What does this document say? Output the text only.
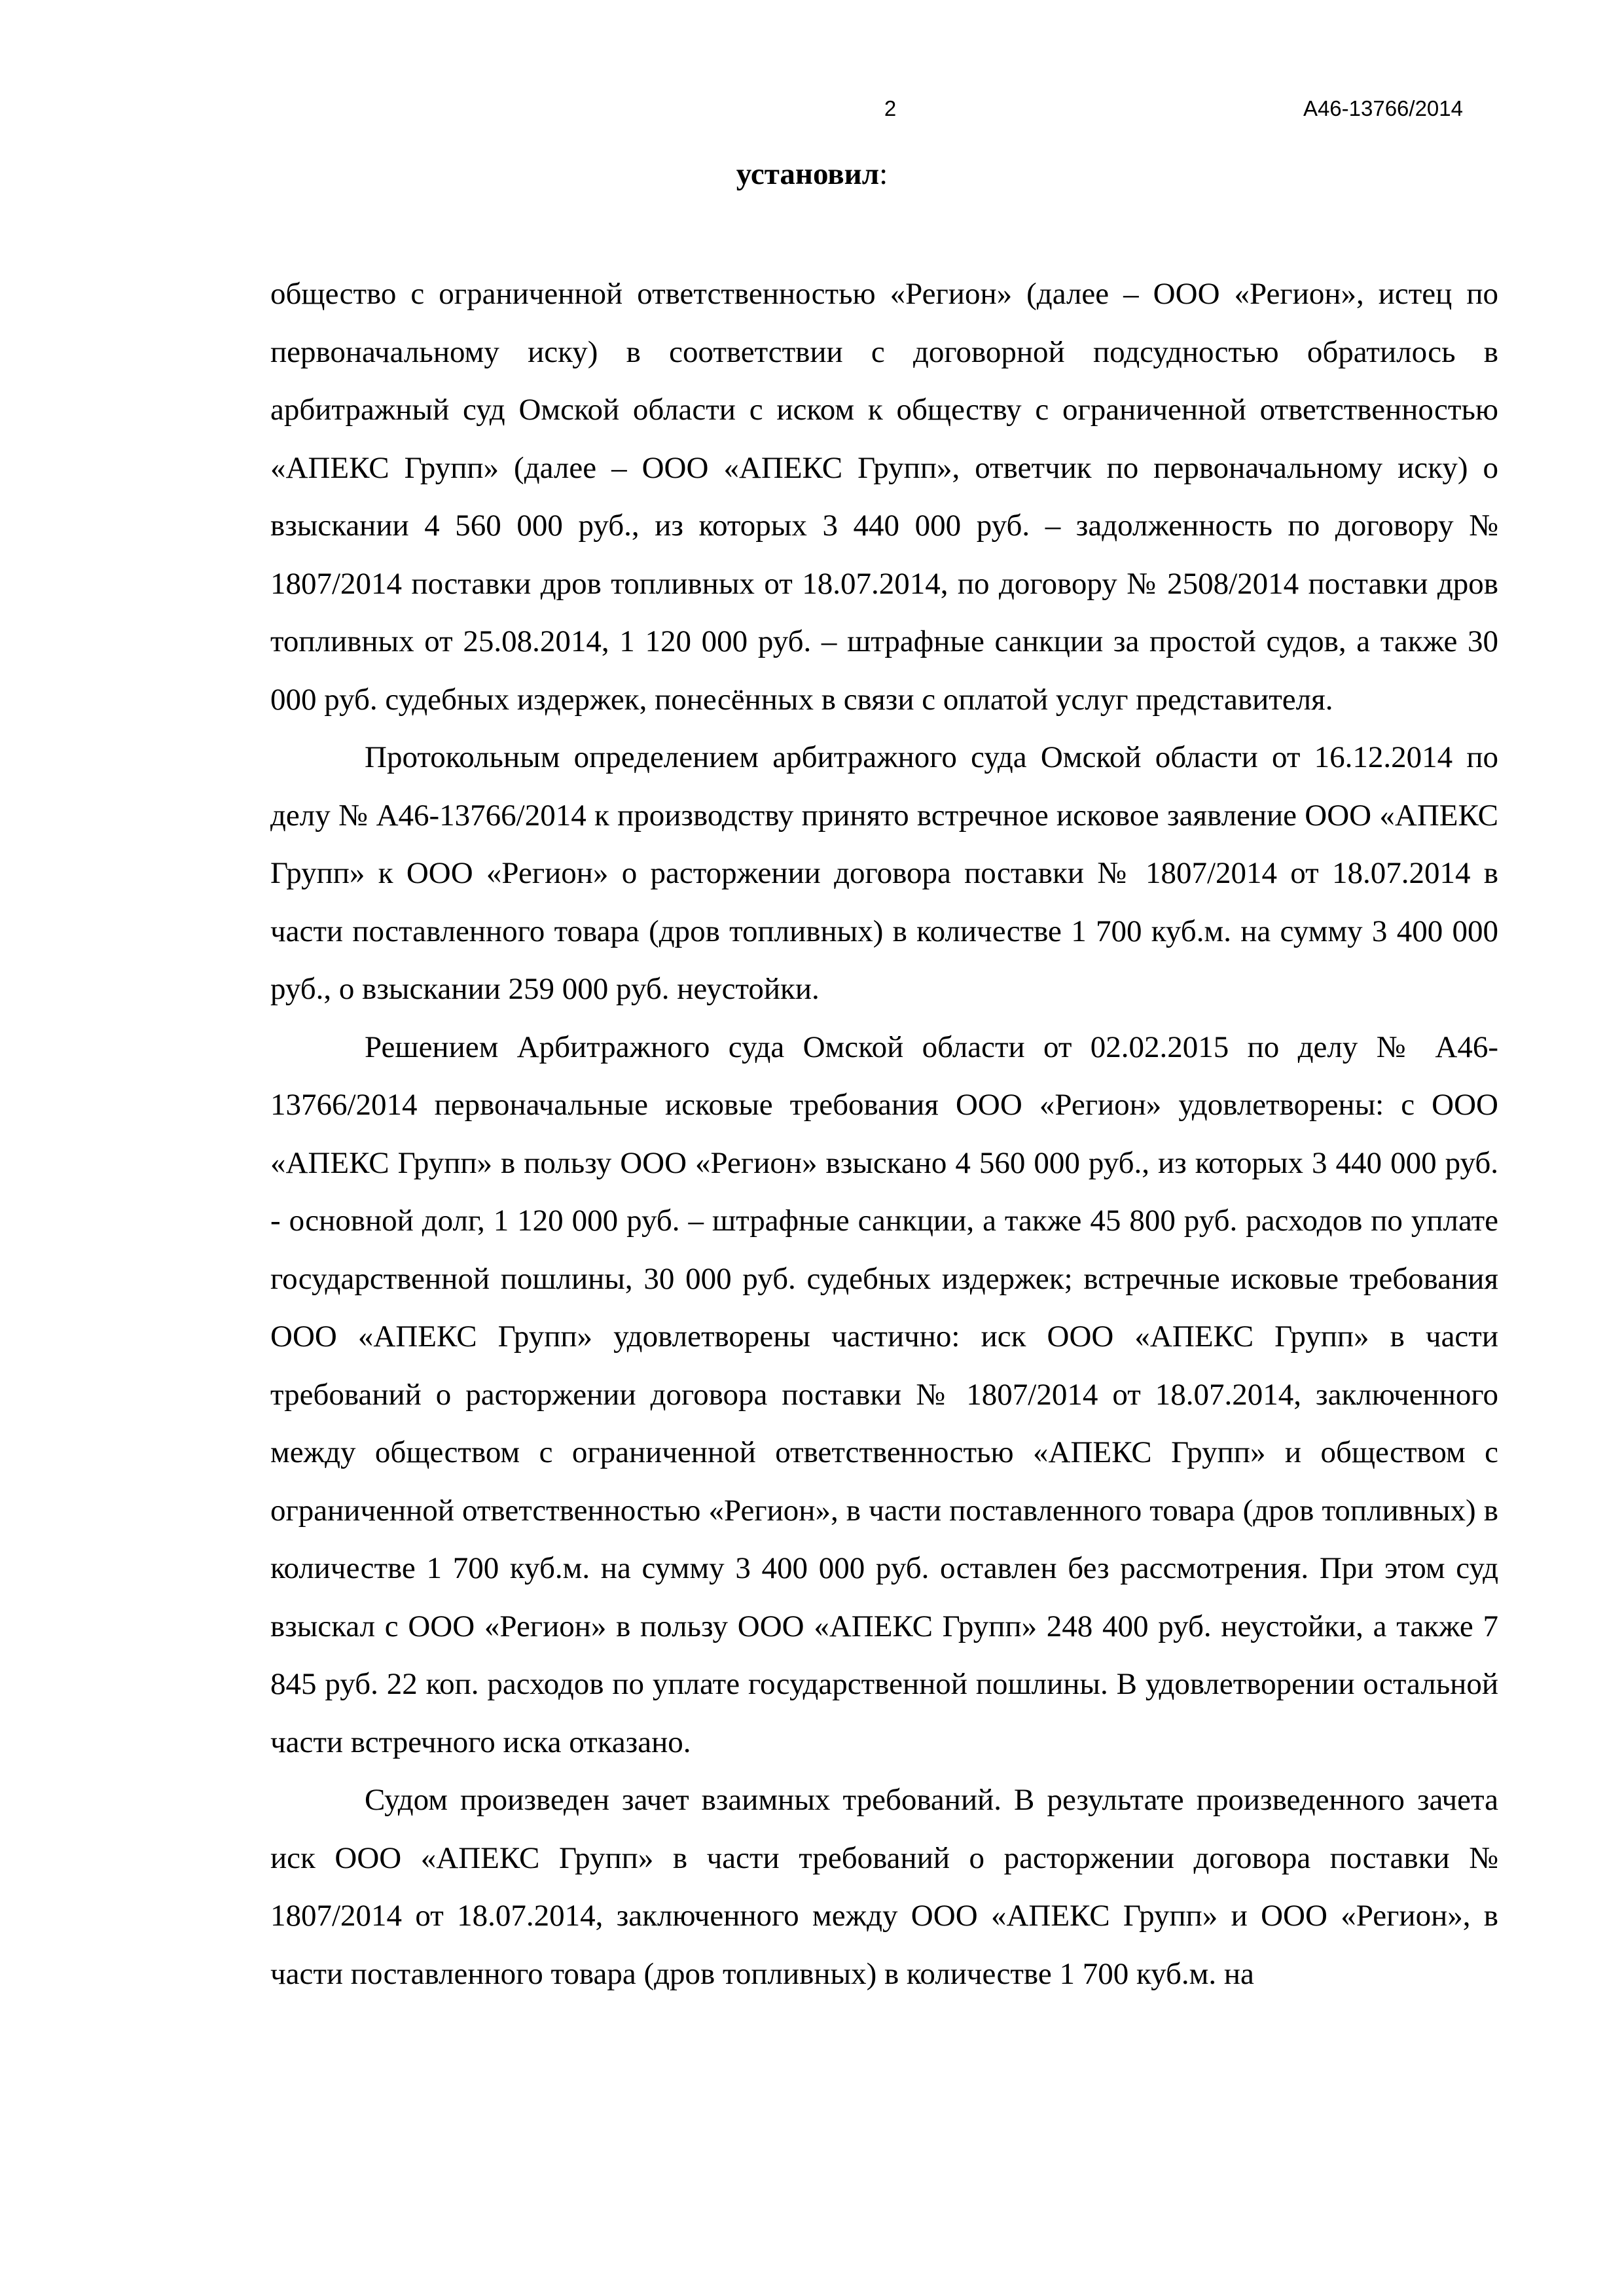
2	А46-13766/2014
установил:

общество с ограниченной ответственностью «Регион» (далее – ООО «Регион», истец по первоначальному иску) в соответствии с договорной подсудностью обратилось в арбитражный суд Омской области с иском к обществу с ограниченной ответственностью «АПЕКС Групп» (далее – ООО «АПЕКС Групп», ответчик по первоначальному иску) о взыскании 4 560 000 руб., из которых 3 440 000 руб. – задолженность по договору № 1807/2014 поставки дров топливных от 18.07.2014, по договору № 2508/2014 поставки дров топливных от 25.08.2014, 1 120 000 руб. – штрафные санкции за простой судов, а также 30 000 руб. судебных издержек, понесённых в связи с оплатой услуг представителя.

Протокольным определением арбитражного суда Омской области от 16.12.2014 по делу № А46-13766/2014 к производству принято встречное исковое заявление ООО «АПЕКС Групп» к ООО «Регион» о расторжении договора поставки № 1807/2014 от 18.07.2014 в части поставленного товара (дров топливных) в количестве 1 700 куб.м. на сумму 3 400 000 руб., о взыскании 259 000 руб. неустойки.

Решением Арбитражного суда Омской области от 02.02.2015 по делу № А46-13766/2014 первоначальные исковые требования ООО «Регион» удовлетворены: с ООО «АПЕКС Групп» в пользу ООО «Регион» взыскано 4 560 000 руб., из которых 3 440 000 руб. - основной долг, 1 120 000 руб. – штрафные санкции, а также 45 800 руб. расходов по уплате государственной пошлины, 30 000 руб. судебных издержек; встречные исковые требования ООО «АПЕКС Групп» удовлетворены частично: иск ООО «АПЕКС Групп» в части требований о расторжении договора поставки № 1807/2014 от 18.07.2014, заключенного между обществом с ограниченной ответственностью «АПЕКС Групп» и обществом с ограниченной ответственностью «Регион», в части поставленного товара (дров топливных) в количестве 1 700 куб.м. на сумму 3 400 000 руб. оставлен без рассмотрения. При этом суд взыскал с ООО «Регион» в пользу ООО «АПЕКС Групп» 248 400 руб. неустойки, а также 7 845 руб. 22 коп. расходов по уплате государственной пошлины. В удовлетворении остальной части встречного иска отказано.

Судом произведен зачет взаимных требований. В результате произведенного зачета иск ООО «АПЕКС Групп» в части требований о расторжении договора поставки № 1807/2014 от 18.07.2014, заключенного между ООО «АПЕКС Групп» и ООО «Регион», в части поставленного товара (дров топливных) в количестве 1 700 куб.м. на
